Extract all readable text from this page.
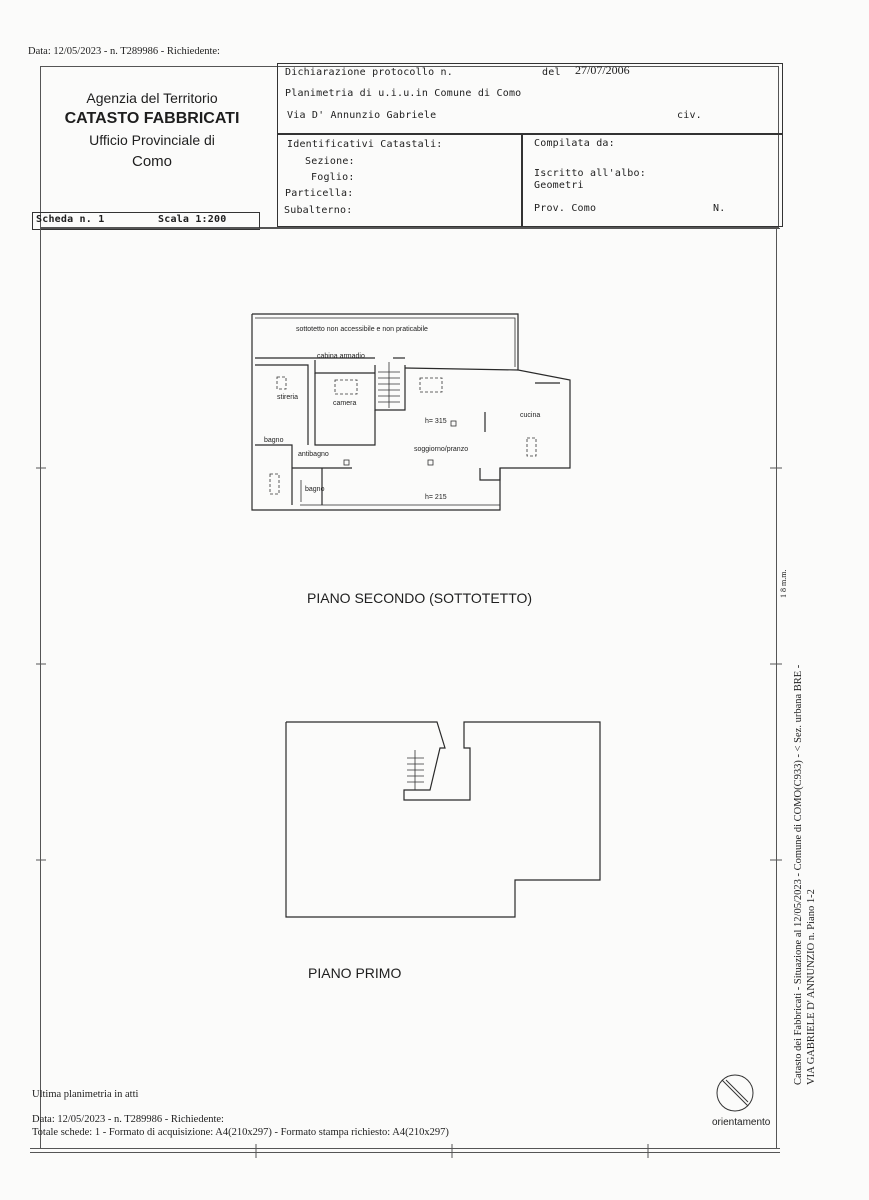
Data: 12/05/2023 - n. T289986 - Richiedente:
Agenzia del Territorio
CATASTO FABBRICATI
Ufficio Provinciale di
Como
Scheda n. 1	Scala 1:200
Dichiarazione protocollo n.	del 27/07/2006
Planimetria di u.i.u.in Comune di Como
Via D' Annunzio Gabriele	civ.
Identificativi Catastali:
Sezione:
Foglio:
Particella:
Subalterno:
Compilata da:
Iscritto all'albo:
Geometri
Prov. Como	N.
sottotetto non accessibile e non praticabile
cabina armadio
stireria
camera
cucina
bagno
antibagno
soggiorno/pranzo
bagno
h= 315
h= 215
PIANO SECONDO (SOTTOTETTO)
PIANO PRIMO
Ultima planimetria in atti
Data: 12/05/2023 - n. T289986 - Richiedente:
Totale schede: 1 - Formato di acquisizione: A4(210x297) - Formato stampa richiesto: A4(210x297)
orientamento
Catasto dei Fabbricati - Situazione al 12/05/2023 - Comune di COMO(C933) - < Sez. urbana BRE - VIA GABRIELE D' ANNUNZIO n. Piano 1-2
1 8 m.m.
